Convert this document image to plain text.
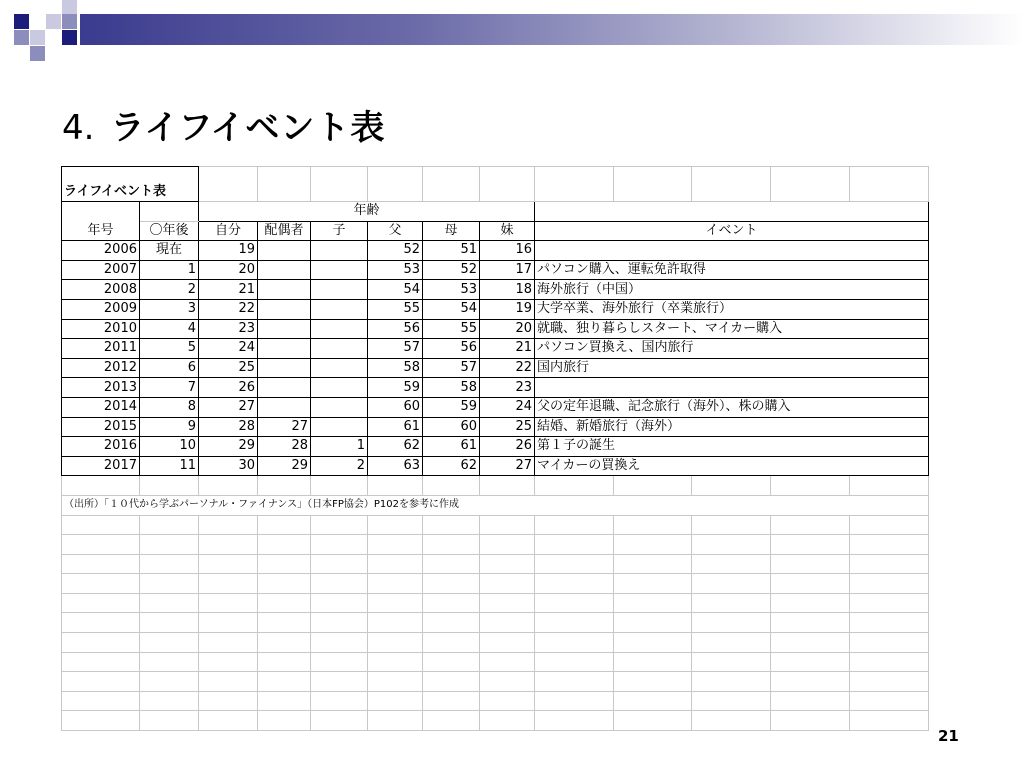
4. ライフイベント表
ライフイベント表												
年号		年齢										
	〇年後	自分	配偶者	子	父	母	妹	イベント				
2006	現在	19			52	51	16					
2007	1	20			53	52	17	パソコン購入、運転免許取得				
2008	2	21			54	53	18	海外旅行（中国）				
2009	3	22			55	54	19	大学卒業、海外旅行（卒業旅行）				
2010	4	23			56	55	20	就職、独り暮らしスタート、マイカー購入				
2011	5	24			57	56	21	パソコン買換え、国内旅行				
2012	6	25			58	57	22	国内旅行				
2013	7	26			59	58	23					
2014	8	27			60	59	24	父の定年退職、記念旅行（海外）、株の購入				
2015	9	28	27		61	60	25	結婚、新婚旅行（海外）				
2016	10	29	28	1	62	61	26	第１子の誕生				
2017	11	30	29	2	63	62	27	マイカーの買換え				

（出所）「１０代から学ぶパーソナル・ファイナンス」（日本FP協会）P102を参考に作成												

21
